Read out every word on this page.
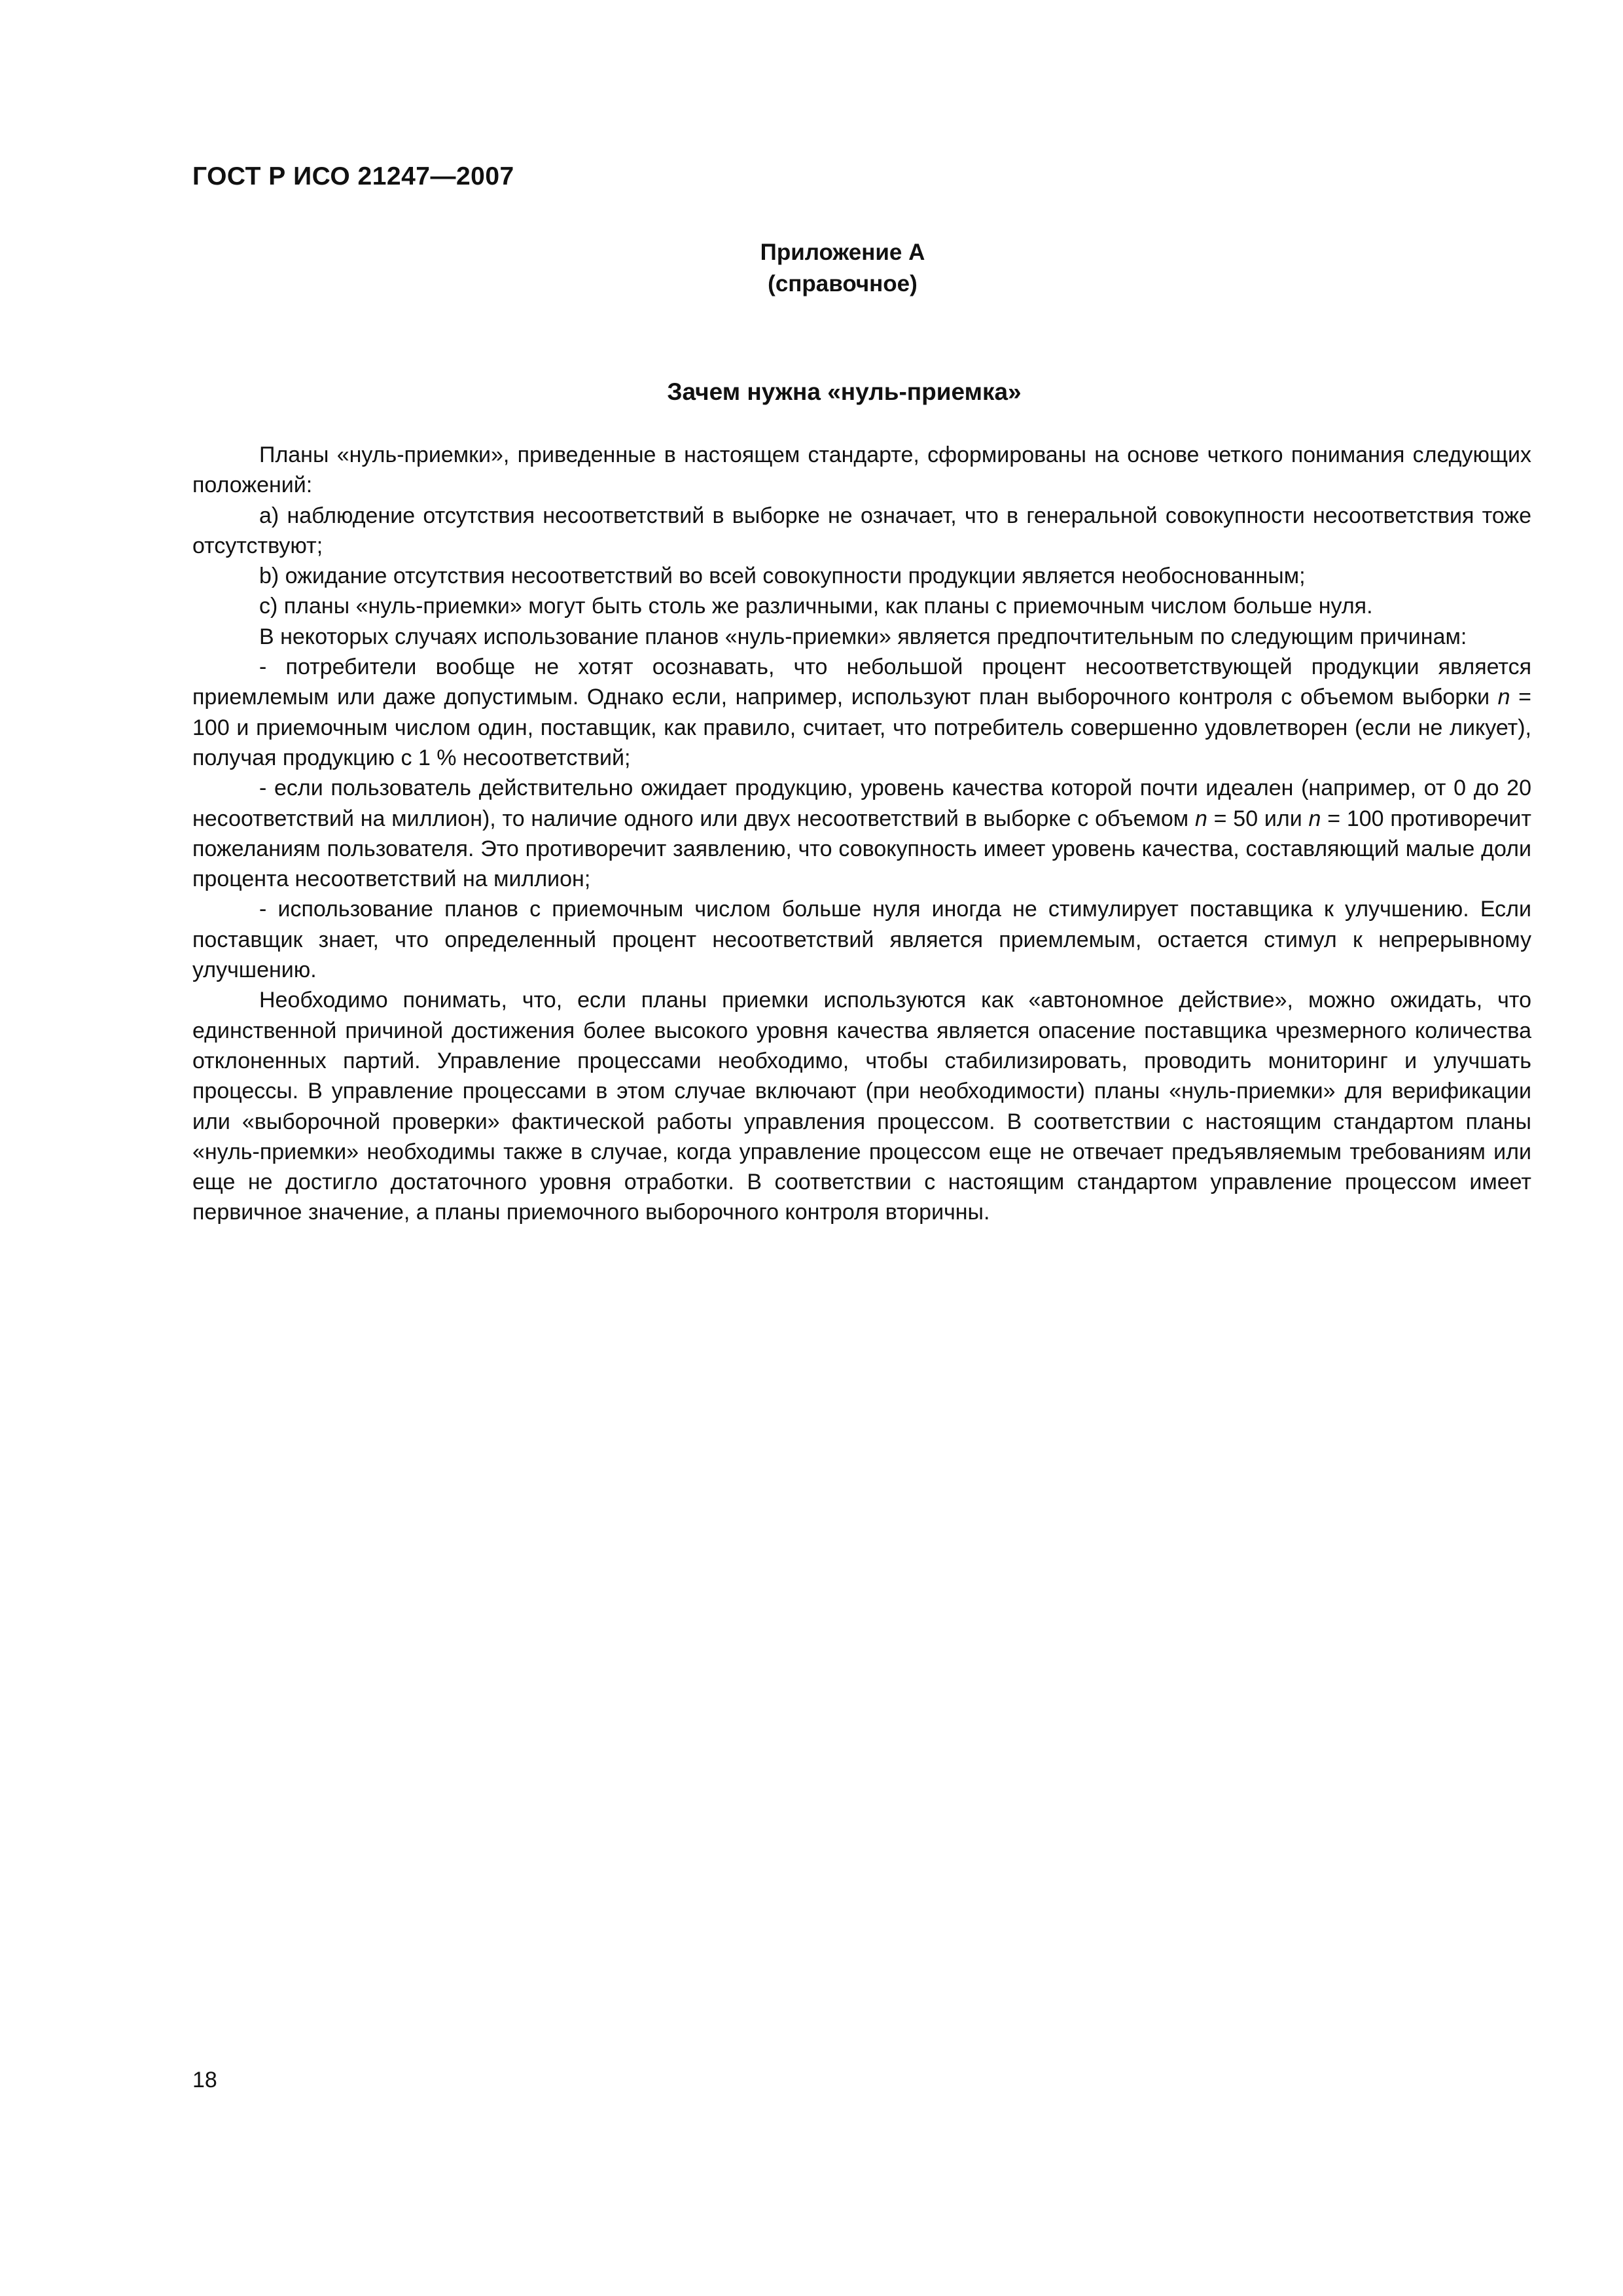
ГОСТ Р ИСО 21247—2007
Приложение А
(справочное)
Зачем нужна «нуль-приемка»

Планы «нуль-приемки», приведенные в настоящем стандарте, сформированы на основе четкого понимания следующих положений:

a) наблюдение отсутствия несоответствий в выборке не означает, что в генеральной совокупности несоответствия тоже отсутствуют;

b) ожидание отсутствия несоответствий во всей совокупности продукции является необоснованным;

c) планы «нуль-приемки» могут быть столь же различными, как планы с приемочным числом больше нуля.

В некоторых случаях использование планов «нуль-приемки» является предпочтительным по следующим причинам:

- потребители вообще не хотят осознавать, что небольшой процент несоответствующей продукции является приемлемым или даже допустимым. Однако если, например, используют план выборочного контроля с объемом выборки n = 100 и приемочным числом один, поставщик, как правило, считает, что потребитель совершенно удовлетворен (если не ликует), получая продукцию с 1 % несоответствий;

- если пользователь действительно ожидает продукцию, уровень качества которой почти идеален (например, от 0 до 20 несоответствий на миллион), то наличие одного или двух несоответствий в выборке с объемом n = 50 или n = 100 противоречит пожеланиям пользователя. Это противоречит заявлению, что совокупность имеет уровень качества, составляющий малые доли процента несоответствий на миллион;

- использование планов с приемочным числом больше нуля иногда не стимулирует поставщика к улучшению. Если поставщик знает, что определенный процент несоответствий является приемлемым, остается стимул к непрерывному улучшению.

Необходимо понимать, что, если планы приемки используются как «автономное действие», можно ожидать, что единственной причиной достижения более высокого уровня качества является опасение поставщика чрезмерного количества отклоненных партий. Управление процессами необходимо, чтобы стабилизировать, проводить мониторинг и улучшать процессы. В управление процессами в этом случае включают (при необходимости) планы «нуль-приемки» для верификации или «выборочной проверки» фактической работы управления процессом. В соответствии с настоящим стандартом планы «нуль-приемки» необходимы также в случае, когда управление процессом еще не отвечает предъявляемым требованиям или еще не достигло достаточного уровня отработки. В соответствии с настоящим стандартом управление процессом имеет первичное значение, а планы приемочного выборочного контроля вторичны.

18
